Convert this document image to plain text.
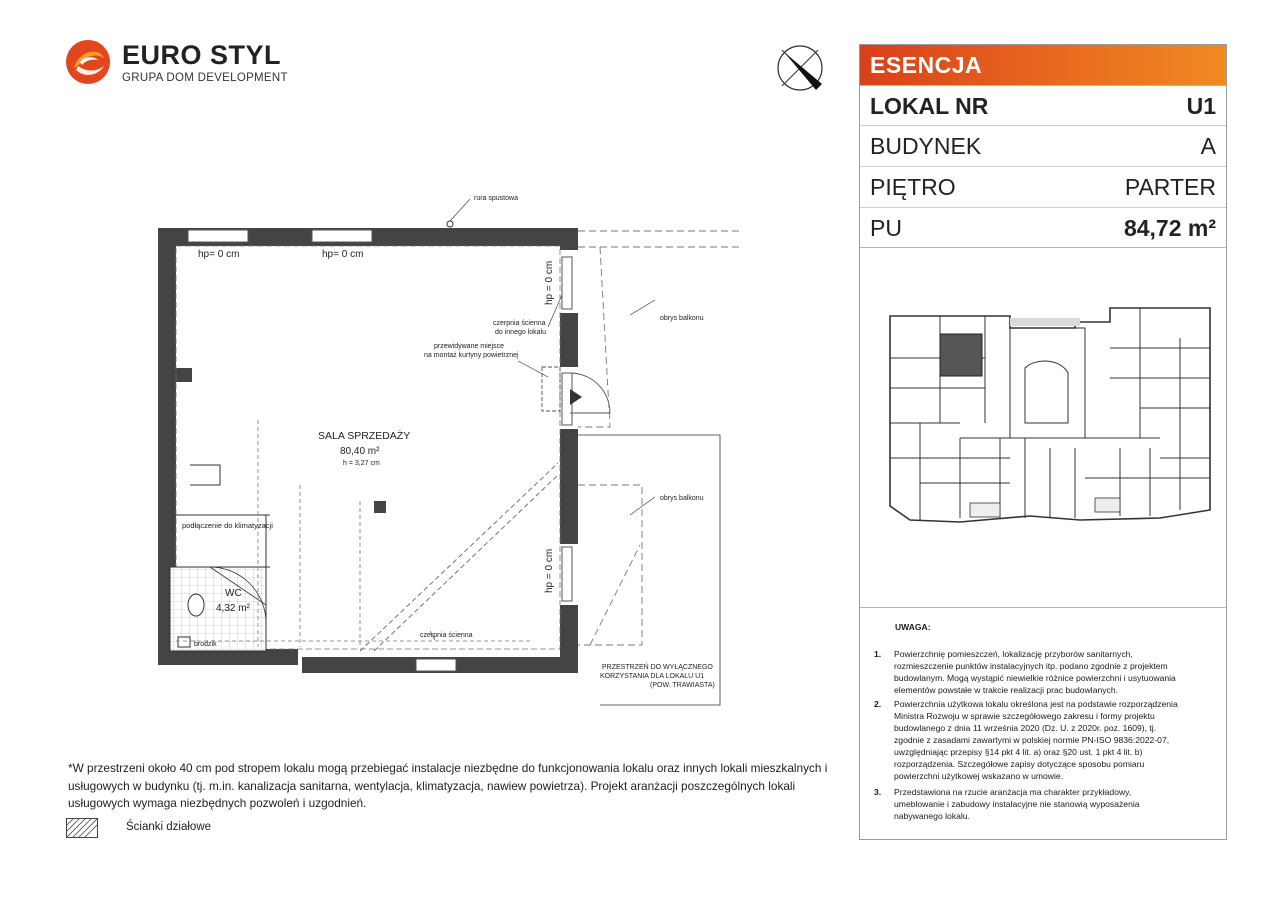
EURO STYL
GRUPA DOM DEVELOPMENT	ESENCJA
LOKAL NR	U1
BUDYNEK	A
PIĘTRO	PARTER
PU	84,72 m²
UWAGA:
1. Powierzchnię pomieszczeń, lokalizację przyborów sanitarnych,
rozmieszczenie punktów instalacyjnych itp. podano zgodnie z projektem
budowlanym. Mogą wystąpić niewielkie różnice powierzchni i usytuowania
elementów powstałe w trakcie realizacji prac budowlanych.
2. Powierzchnia użytkowa lokalu określona jest na podstawie rozporządzenia
Ministra Rozwoju w sprawie szczegółowego zakresu i formy projektu
budowlanego z dnia 11 września 2020 (Dz. U. z 2020r. poz. 1609), tj.
zgodnie z zasadami zawartymi w polskiej normie PN-ISO 9836:2022-07,
uwzględniając przepisy §14 pkt 4 lit. a) oraz §20 ust. 1 pkt 4 lit. b)
rozporządzenia. Szczegółowe zapisy dotyczące sposobu pomiaru
powierzchni użytkowej wskazano w umowie.
3. Przedstawiona na rzucie aranżacja ma charakter przykładowy,
umeblowanie i zabudowy instalacyjne nie stanowią wyposażenia
nabywanego lokalu.
rura spustowa
hp= 0 cm	hp= 0 cm
hp = 0 cm
hp = 0 cm
czerpnia ścienna
do innego lokalu
przewidywane miejsce
na montaż kurtyny powietrznej
obrys balkonu
obrys balkonu
SALA SPRZEDAŻY
80,40 m²
h = 3,27 cm
podłączenie do klimatyzacji
WC
4,32 m²
brodzik
czerpnia ścienna
PRZESTRZEŃ DO WYŁĄCZNEGO
KORZYSTANIA DLA LOKALU U1
(POW. TRAWIASTA)
*W przestrzeni około 40 cm pod stropem lokalu mogą przebiegać instalacje niezbędne do funkcjonowania lokalu oraz innych lokali mieszkalnych i usługowych w budynku (tj. m.in. kanalizacja sanitarna, wentylacja, klimatyzacja, nawiew powietrza). Projekt aranżacji poszczególnych lokali usługowych wymaga niezbędnych pozwoleń i uzgodnień.
Ścianki działowe
